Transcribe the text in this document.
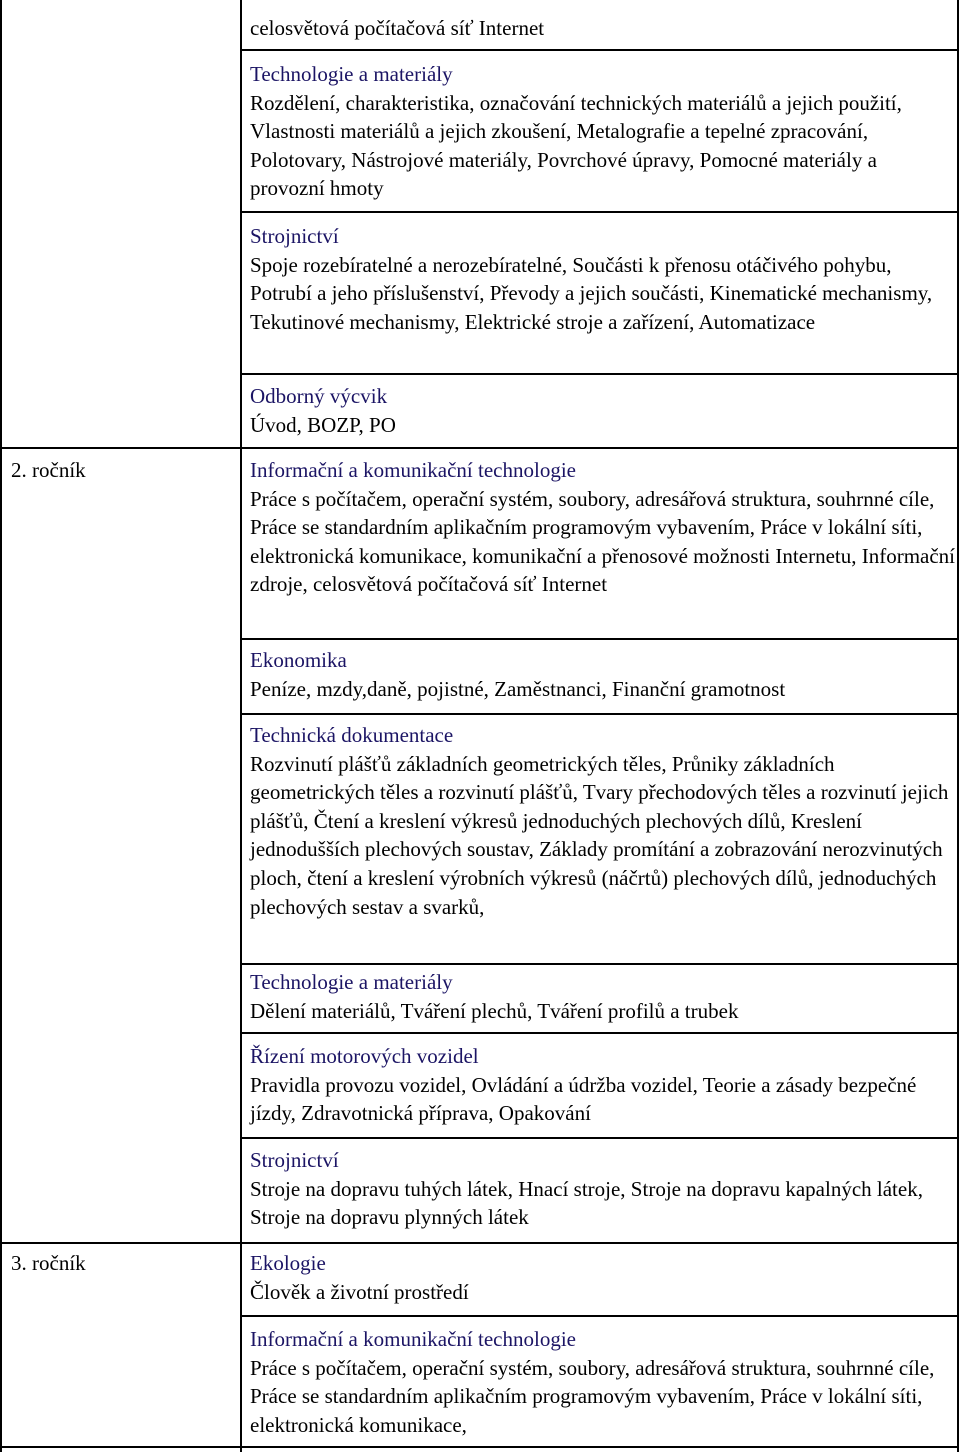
2. ročník
3. ročník
celosvětová počítačová síť Internet
Technologie a materiály
Rozdělení, charakteristika, označování technických materiálů a jejich použití, Vlastnosti materiálů a jejich zkoušení, Metalografie a tepelné zpracování, Polotovary, Nástrojové materiály, Povrchové úpravy, Pomocné materiály a provozní hmoty
Strojnictví
Spoje rozebíratelné a nerozebíratelné, Součásti k přenosu otáčivého pohybu, Potrubí a jeho příslušenství, Převody a jejich součásti, Kinematické mechanismy, Tekutinové mechanismy, Elektrické stroje a zařízení, Automatizace
Odborný výcvik
Úvod, BOZP, PO
Informační a komunikační technologie
Práce s počítačem, operační systém, soubory, adresářová struktura, souhrnné cíle, Práce se standardním aplikačním programovým vybavením, Práce v lokální síti, elektronická komunikace, komunikační a přenosové možnosti Internetu, Informační zdroje, celosvětová počítačová síť Internet
Ekonomika
Peníze, mzdy,daně, pojistné, Zaměstnanci, Finanční gramotnost
Technická dokumentace
Rozvinutí plášťů základních geometrických těles, Průniky základních geometrických těles a rozvinutí plášťů, Tvary přechodových těles a rozvinutí jejich plášťů, Čtení a kreslení výkresů jednoduchých plechových dílů, Kreslení jednodušších plechových soustav, Základy promítání a zobrazování nerozvinutých ploch, čtení a kreslení výrobních výkresů (náčrtů) plechových dílů, jednoduchých plechových sestav a svarků,
Technologie a materiály
Dělení materiálů, Tváření plechů, Tváření profilů a trubek
Řízení motorových vozidel
Pravidla provozu vozidel, Ovládání a údržba vozidel, Teorie a zásady bezpečné jízdy, Zdravotnická příprava, Opakování
Strojnictví
Stroje na dopravu tuhých látek, Hnací stroje, Stroje na dopravu kapalných látek, Stroje na dopravu plynných látek
Ekologie
Člověk a životní prostředí
Informační a komunikační technologie
Práce s počítačem, operační systém, soubory, adresářová struktura, souhrnné cíle, Práce se standardním aplikačním programovým vybavením, Práce v lokální síti, elektronická komunikace,
